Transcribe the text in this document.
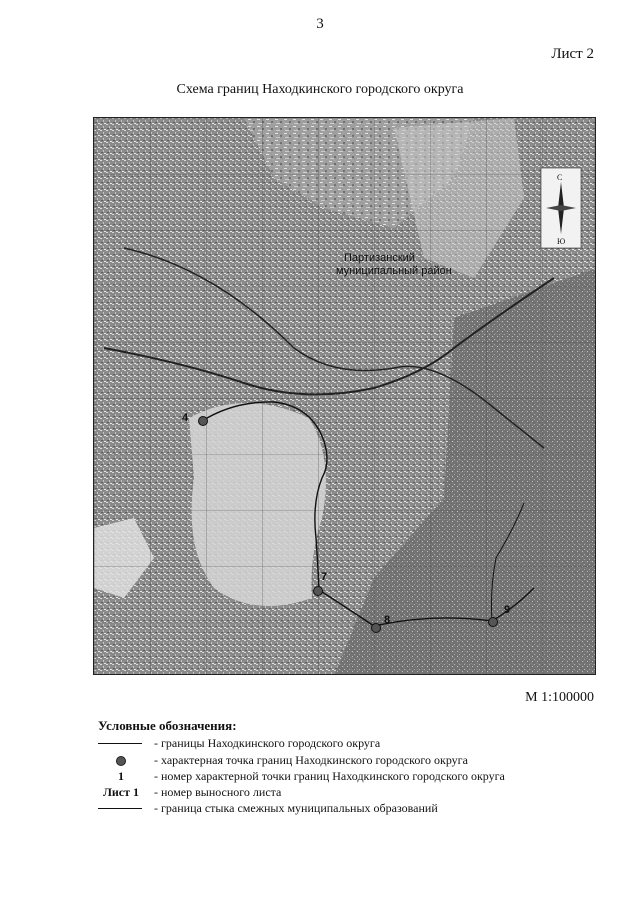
3
Лист 2
Схема границ Находкинского городского округа
Партизанский
муниципальный район
С
Ю
4
7
8
9
М 1:100000
Условные обозначения:
- границы Находкинского городского округа
- характерная точка границ Находкинского городского округа
1	- номер характерной точки границ Находкинского городского округа
Лист 1	- номер выносного листа
- граница стыка смежных муниципальных образований
